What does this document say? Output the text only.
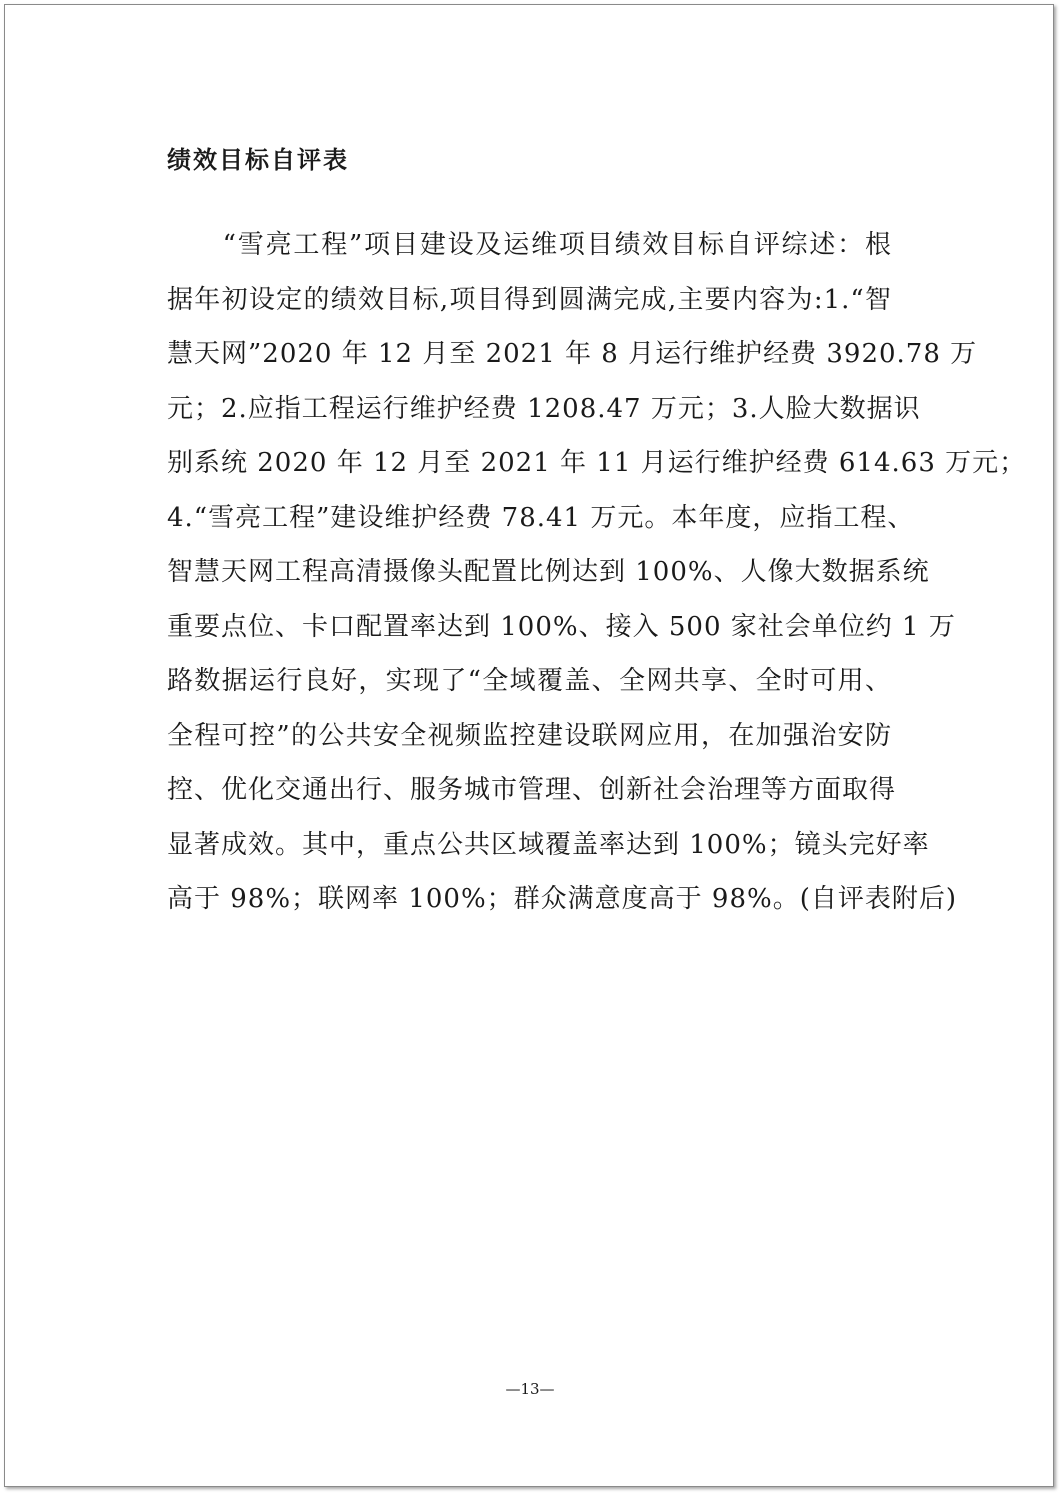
绩效目标自评表
　　“雪亮工程”项目建设及运维项目绩效目标自评综述：根
据年初设定的绩效目标,项目得到圆满完成,主要内容为:1.“智
慧天网”2020 年 12 月至 2021 年 8 月运行维护经费 3920.78 万
元；2.应指工程运行维护经费 1208.47 万元；3.人脸大数据识
别系统 2020 年 12 月至 2021 年 11 月运行维护经费 614.63 万元；
4.“雪亮工程”建设维护经费 78.41 万元。本年度，应指工程、
智慧天网工程高清摄像头配置比例达到 100%、人像大数据系统
重要点位、卡口配置率达到 100%、接入 500 家社会单位约 1 万
路数据运行良好，实现了“全域覆盖、全网共享、全时可用、
全程可控”的公共安全视频监控建设联网应用，在加强治安防
控、优化交通出行、服务城市管理、创新社会治理等方面取得
显著成效。其中，重点公共区域覆盖率达到 100%；镜头完好率
高于 98%；联网率 100%；群众满意度高于 98%。(自评表附后)
—13—
